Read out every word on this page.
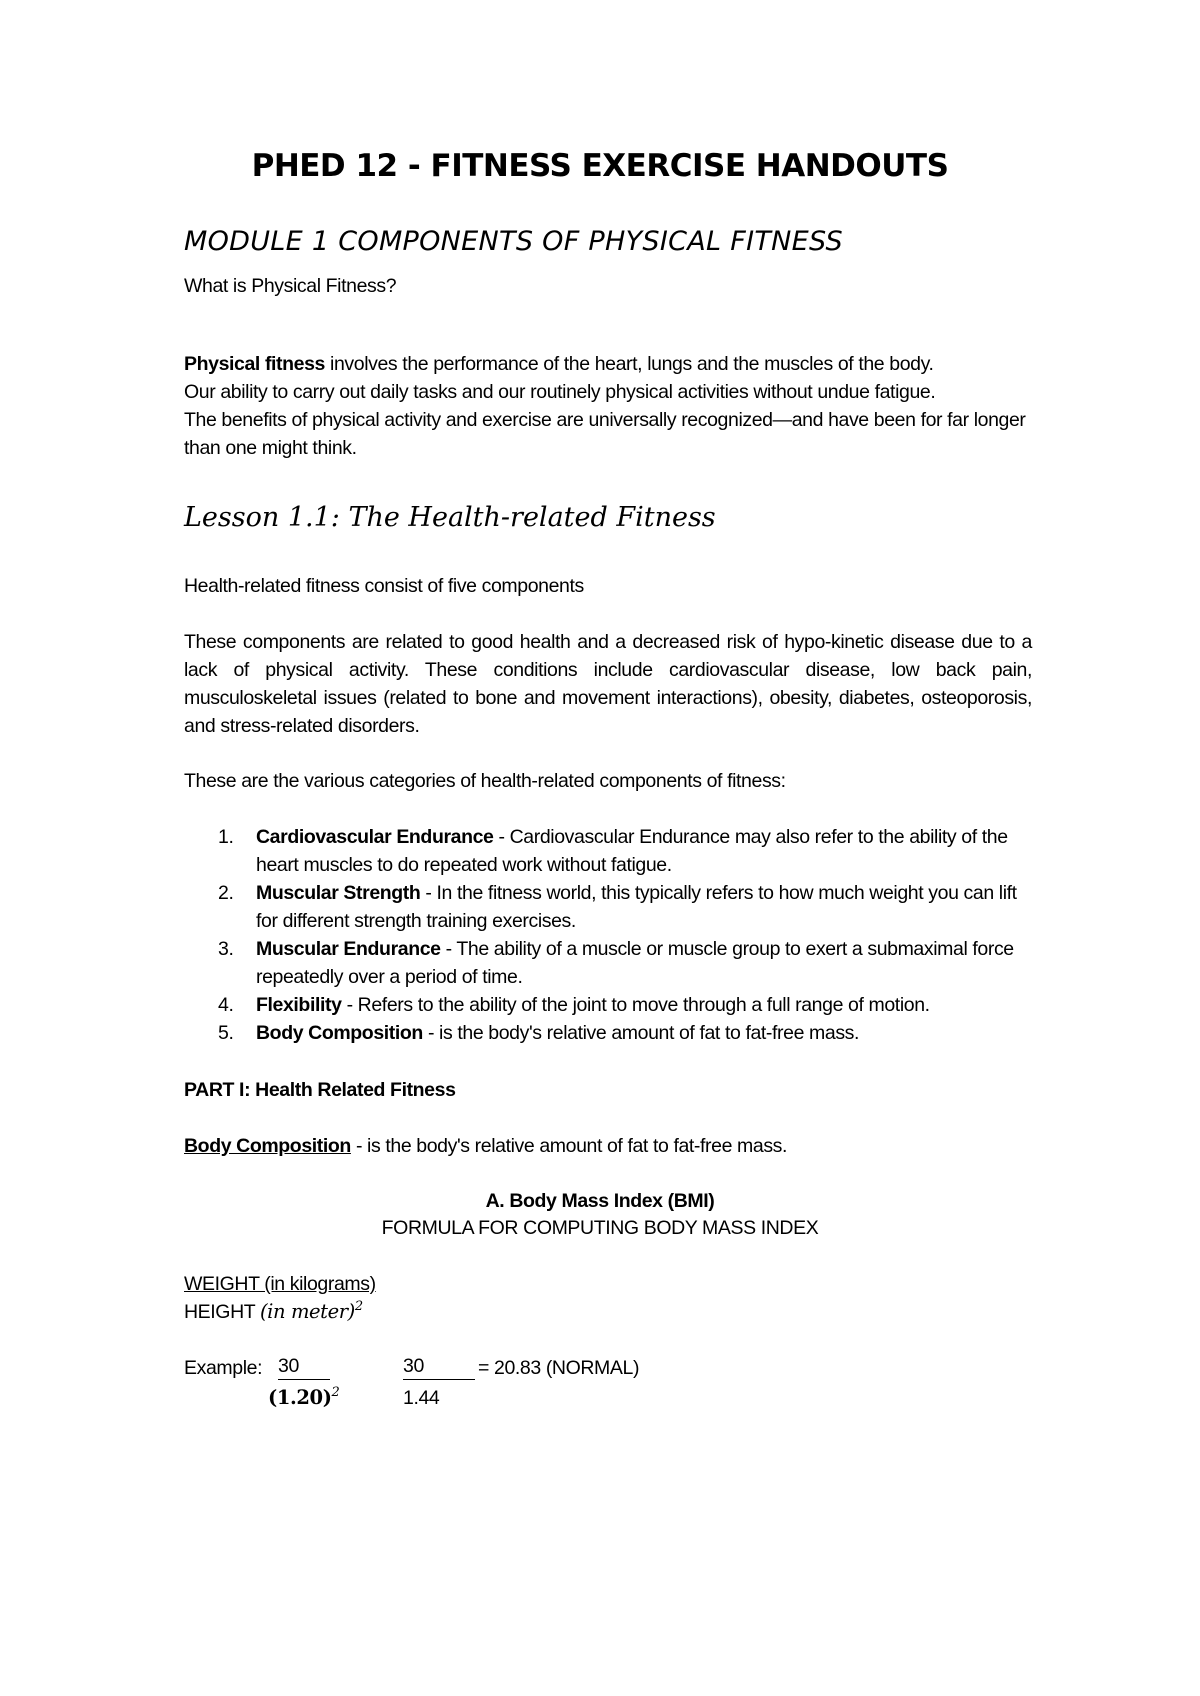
PHED 12 - FITNESS EXERCISE HANDOUTS
MODULE 1 COMPONENTS OF PHYSICAL FITNESS
What is Physical Fitness?
Physical fitness involves the performance of the heart, lungs and the muscles of the body.
Our ability to carry out daily tasks and our routinely physical activities without undue fatigue.
The benefits of physical activity and exercise are universally recognized—and have been for far longer than one might think.
Lesson 1.1: The Health-related Fitness
Health-related fitness consist of five components
These components are related to good health and a decreased risk of hypo-kinetic disease due to a lack of physical activity. These conditions include cardiovascular disease, low back pain, musculoskeletal issues (related to bone and movement interactions), obesity, diabetes, osteoporosis, and stress-related disorders.
These are the various categories of health-related components of fitness:
1. Cardiovascular Endurance - Cardiovascular Endurance may also refer to the ability of the heart muscles to do repeated work without fatigue.
2. Muscular Strength - In the fitness world, this typically refers to how much weight you can lift for different strength training exercises.
3. Muscular Endurance - The ability of a muscle or muscle group to exert a submaximal force repeatedly over a period of time.
4. Flexibility - Refers to the ability of the joint to move through a full range of motion.
5. Body Composition - is the body's relative amount of fat to fat-free mass.
PART I: Health Related Fitness
Body Composition - is the body's relative amount of fat to fat-free mass.
A. Body Mass Index (BMI)
FORMULA FOR COMPUTING BODY MASS INDEX
WEIGHT (in kilograms)
HEIGHT (in meter)$^2$
Example: 30	30	= 20.83 (NORMAL)
$(1.20)^2$	1.44
